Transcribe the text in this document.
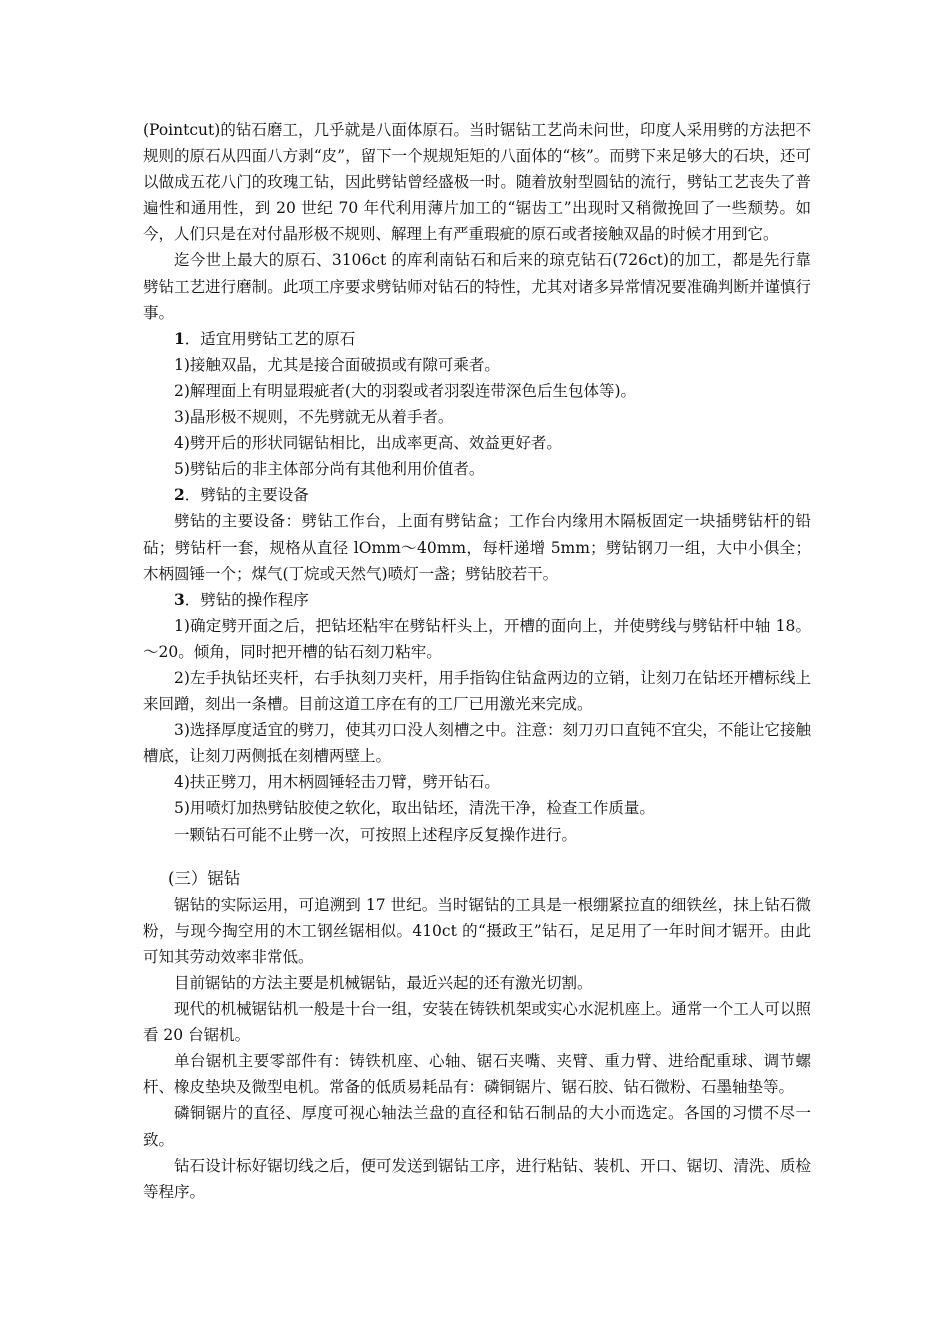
(Pointcut)的钻石磨工，几乎就是八面体原石。当时锯钻工艺尚未问世，印度人采用劈的方法把不规则的原石从四面八方剥“皮”，留下一个规规矩矩的八面体的“核”。而劈下来足够大的石块，还可以做成五花八门的玫瑰工钻，因此劈钻曾经盛极一时。随着放射型圆钻的流行，劈钻工艺丧失了普遍性和通用性，到 20 世纪 70 年代利用薄片加工的“锯齿工”出现时又稍微挽回了一些颓势。如今，人们只是在对付晶形极不规则、解理上有严重瑕疵的原石或者接触双晶的时候才用到它。

迄今世上最大的原石、3106ct 的库利南钻石和后来的琼克钻石(726ct)的加工，都是先行靠劈钻工艺进行磨制。此项工序要求劈钻师对钻石的特性，尤其对诸多异常情况要准确判断并谨慎行事。

1．适宜用劈钻工艺的原石

1)接触双晶，尤其是接合面破损或有隙可乘者。

2)解理面上有明显瑕疵者(大的羽裂或者羽裂连带深色后生包体等)。

3)晶形极不规则，不先劈就无从着手者。

4)劈开后的形状同锯钻相比，出成率更高、效益更好者。

5)劈钻后的非主体部分尚有其他利用价值者。

2．劈钻的主要设备

劈钻的主要设备：劈钻工作台，上面有劈钻盒；工作台内缘用木隔板固定一块插劈钻杆的铅砧；劈钻杆一套，规格从直径 lOmm～40mm，每杆递增 5mm；劈钻钢刀一组，大中小俱全；木柄圆锤一个；煤气(丁烷或天然气)喷灯一盏；劈钻胶若干。

3．劈钻的操作程序

1)确定劈开面之后，把钻坯粘牢在劈钻杆头上，开槽的面向上，并使劈线与劈钻杆中轴 18。～20。倾角，同时把开槽的钻石刻刀粘牢。

2)左手执钻坯夹杆，右手执刻刀夹杆，用手指钩住钻盒两边的立销，让刻刀在钻坯开槽标线上来回蹭，刻出一条槽。目前这道工序在有的工厂已用激光来完成。

3)选择厚度适宜的劈刀，使其刃口没人刻槽之中。注意：刻刀刃口直钝不宜尖，不能让它接触槽底，让刻刀两侧抵在刻槽两壁上。

4)扶正劈刀，用木柄圆锤轻击刀臂，劈开钻石。

5)用喷灯加热劈钻胶使之软化，取出钻坯，清洗干净，检查工作质量。

一颗钻石可能不止劈一次，可按照上述程序反复操作进行。

(三）锯钻

锯钻的实际运用，可追溯到 17 世纪。当时锯钻的工具是一根绷紧拉直的细铁丝，抹上钻石微粉，与现今掏空用的木工钢丝锯相似。410ct 的“摄政王”钻石，足足用了一年时间才锯开。由此可知其劳动效率非常低。

目前锯钻的方法主要是机械锯钻，最近兴起的还有激光切割。

现代的机械锯钻机一般是十台一组，安装在铸铁机架或实心水泥机座上。通常一个工人可以照看 20 台锯机。

单台锯机主要零部件有：铸铁机座、心轴、锯石夹嘴、夹臂、重力臂、进给配重球、调节螺杆、橡皮垫块及微型电机。常备的低质易耗品有：磷铜锯片、锯石胶、钻石微粉、石墨轴垫等。

磷铜锯片的直径、厚度可视心轴法兰盘的直径和钻石制品的大小而选定。各国的习惯不尽一致。

钻石设计标好锯切线之后，便可发送到锯钻工序，进行粘钻、装机、开口、锯切、清洗、质检等程序。
